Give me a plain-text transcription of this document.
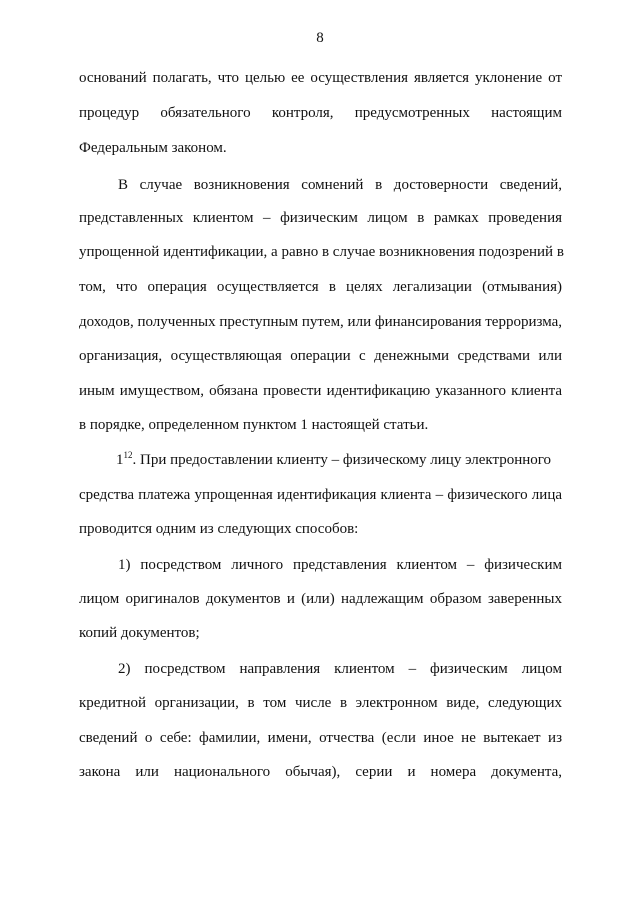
8
оснований полагать, что целью ее осуществления является уклонение от
процедур обязательного контроля, предусмотренных настоящим
Федеральным законом.
В случае возникновения сомнений в достоверности сведений,
представленных клиентом – физическим лицом в рамках проведения
упрощенной идентификации, а равно в случае возникновения подозрений в
том, что операция осуществляется в целях легализации (отмывания)
доходов, полученных преступным путем, или финансирования терроризма,
организация, осуществляющая операции с денежными средствами или
иным имуществом, обязана провести идентификацию указанного клиента
в порядке, определенном пунктом 1 настоящей статьи.
$1^{12}$. При предоставлении клиенту – физическому лицу электронного
средства платежа упрощенная идентификация клиента – физического лица
проводится одним из следующих способов:
1) посредством личного представления клиентом – физическим
лицом оригиналов документов и (или) надлежащим образом заверенных
копий документов;
2) посредством направления клиентом – физическим лицом
кредитной организации, в том числе в электронном виде, следующих
сведений о себе: фамилии, имени, отчества (если иное не вытекает из
закона или национального обычая), серии и номера документа,
